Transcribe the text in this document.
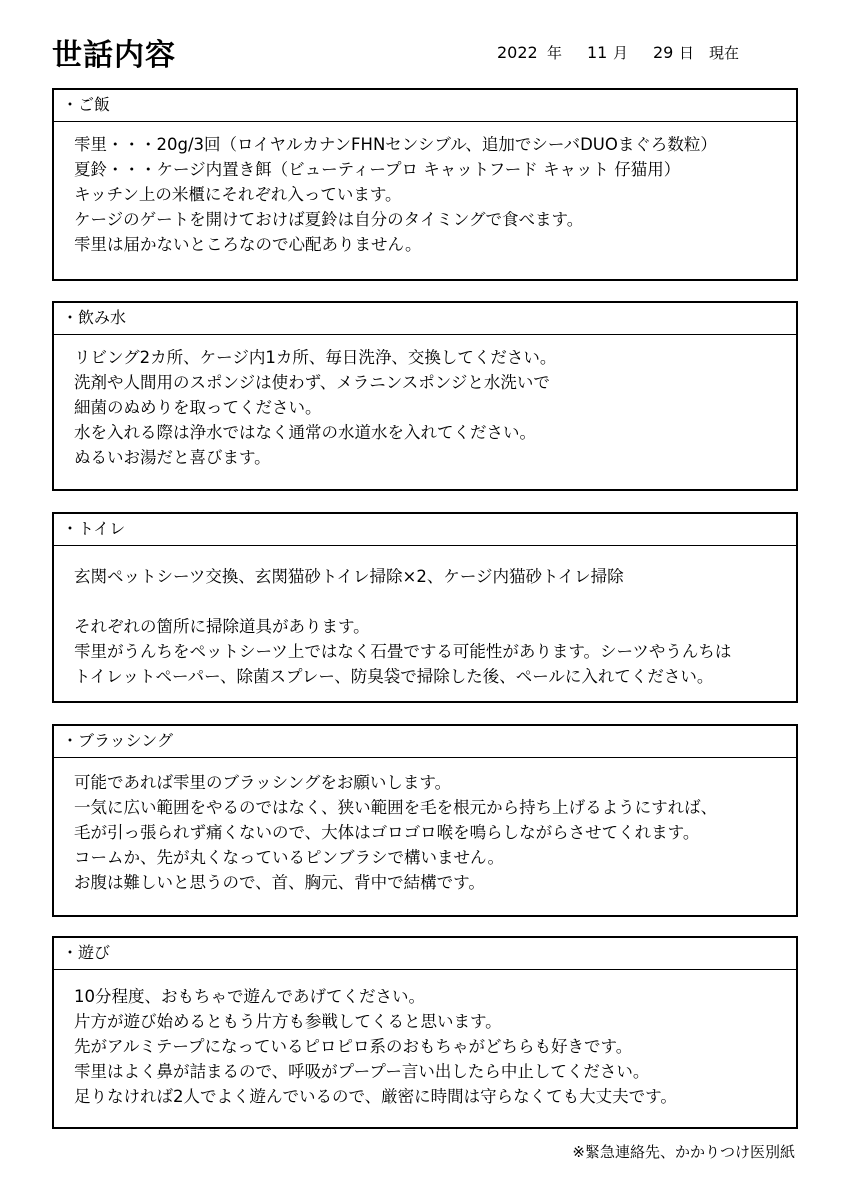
世話内容	2022 年 11 月 29 日 現在
・ご飯
雫里・・・20g/3回（ロイヤルカナンFHNセンシブル、追加でシーバDUOまぐろ数粒）
夏鈴・・・ケージ内置き餌（ビューティープロ キャットフード キャット 仔猫用）
キッチン上の米櫃にそれぞれ入っています。
ケージのゲートを開けておけば夏鈴は自分のタイミングで食べます。
雫里は届かないところなので心配ありません。
・飲み水
リビング2カ所、ケージ内1カ所、毎日洗浄、交換してください。
洗剤や人間用のスポンジは使わず、メラニンスポンジと水洗いで
細菌のぬめりを取ってください。
水を入れる際は浄水ではなく通常の水道水を入れてください。
ぬるいお湯だと喜びます。
・トイレ
玄関ペットシーツ交換、玄関猫砂トイレ掃除×2、ケージ内猫砂トイレ掃除
それぞれの箇所に掃除道具があります。
雫里がうんちをペットシーツ上ではなく石畳でする可能性があります。シーツやうんちは
トイレットペーパー、除菌スプレー、防臭袋で掃除した後、ペールに入れてください。
・ブラッシング
可能であれば雫里のブラッシングをお願いします。
一気に広い範囲をやるのではなく、狭い範囲を毛を根元から持ち上げるようにすれば、
毛が引っ張られず痛くないので、大体はゴロゴロ喉を鳴らしながらさせてくれます。
コームか、先が丸くなっているピンブラシで構いません。
お腹は難しいと思うので、首、胸元、背中で結構です。
・遊び
10分程度、おもちゃで遊んであげてください。
片方が遊び始めるともう片方も参戦してくると思います。
先がアルミテープになっているピロピロ系のおもちゃがどちらも好きです。
雫里はよく鼻が詰まるので、呼吸がプープー言い出したら中止してください。
足りなければ2人でよく遊んでいるので、厳密に時間は守らなくても大丈夫です。
※緊急連絡先、かかりつけ医別紙
